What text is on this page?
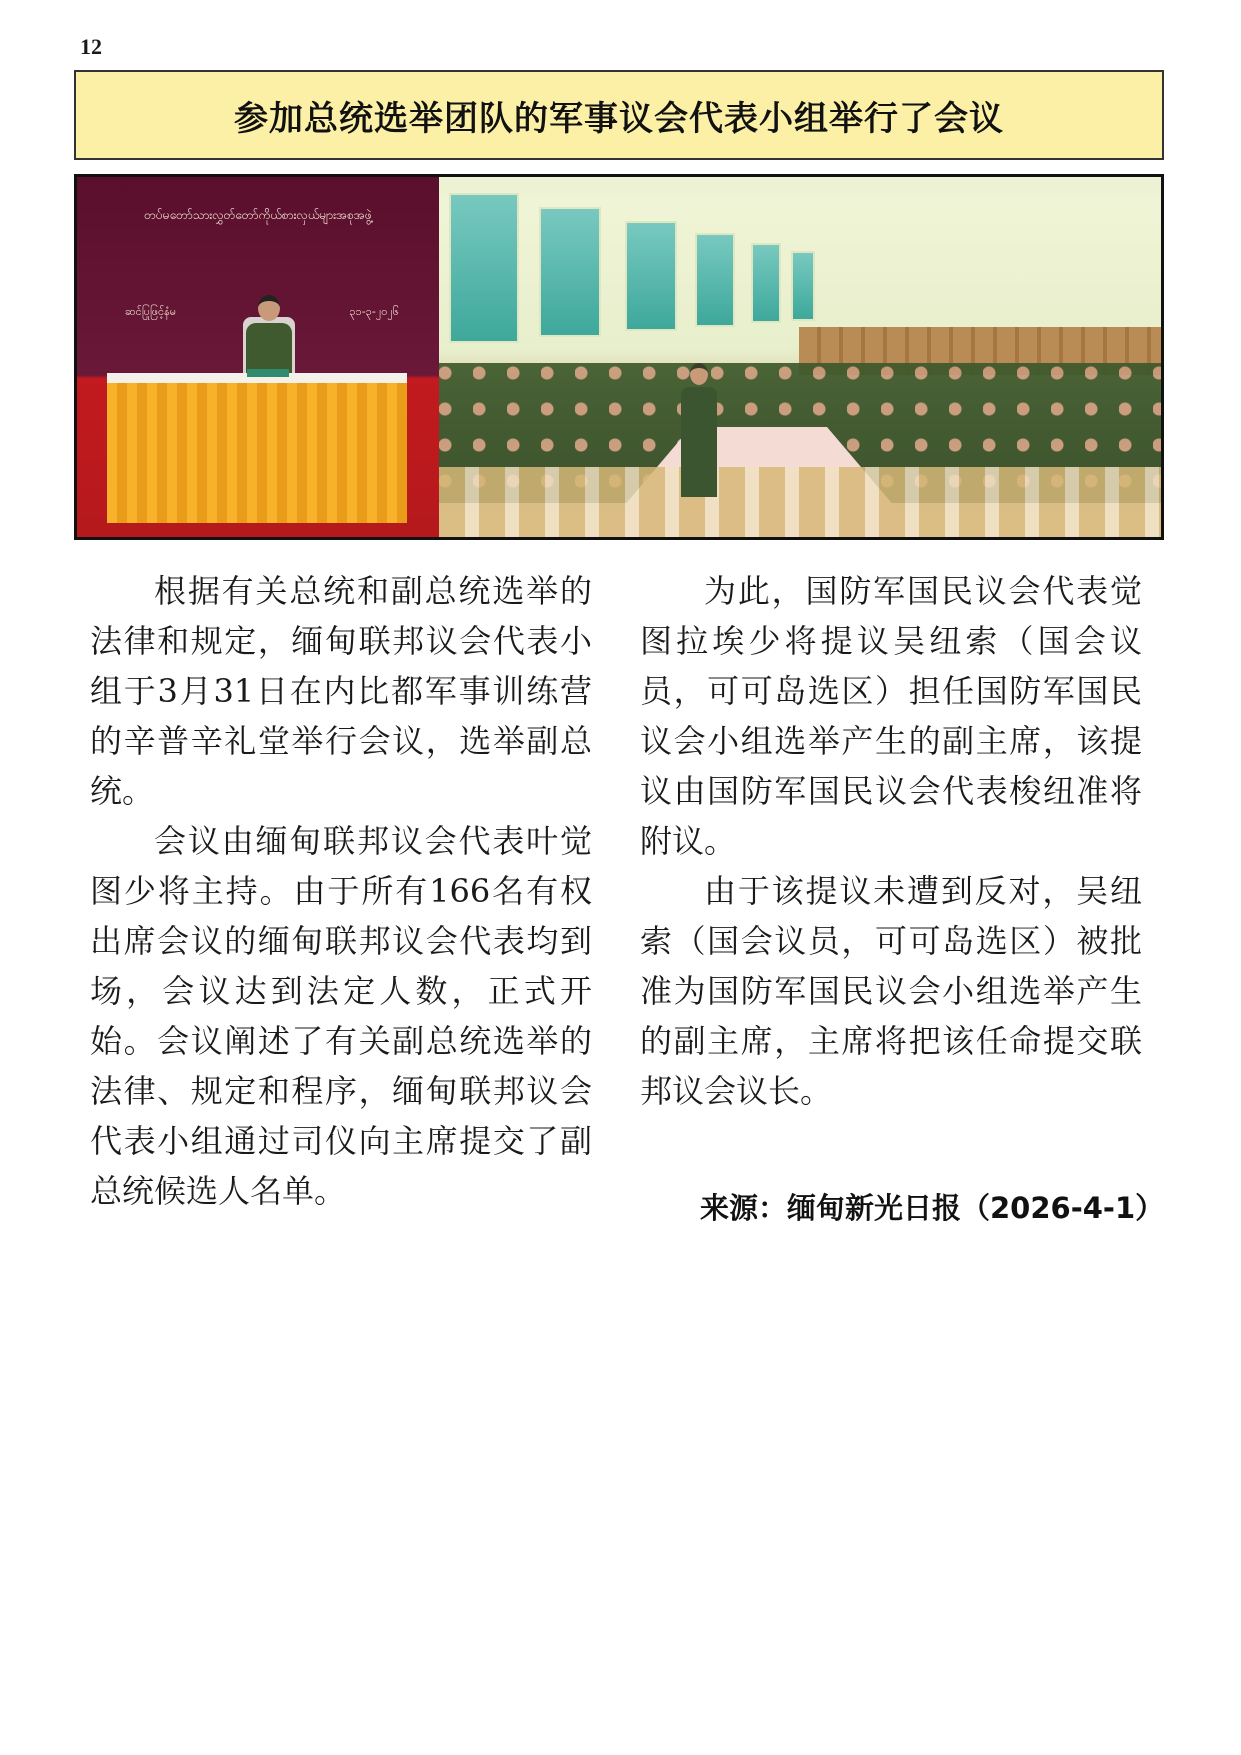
12
参加总统选举团队的军事议会代表小组举行了会议
တပ်မတော်သားလွှတ်တော်ကိုယ်စားလှယ်များအစုအဖွဲ့
ဆင်ပြုဖြင့်နံမ	၃၁-၃-၂၀၂၆

根据有关总统和副总统选举的法律和规定，缅甸联邦议会代表小组于3月31日在内比都军事训练营的辛普辛礼堂举行会议，选举副总统。

会议由缅甸联邦议会代表叶觉图少将主持。由于所有166名有权出席会议的缅甸联邦议会代表均到场，会议达到法定人数，正式开始。会议阐述了有关副总统选举的法律、规定和程序，缅甸联邦议会代表小组通过司仪向主席提交了副总统候选人名单。

为此，国防军国民议会代表觉图拉埃少将提议吴纽索（国会议员，可可岛选区）担任国防军国民议会小组选举产生的副主席，该提议由国防军国民议会代表梭纽准将附议。

由于该提议未遭到反对，吴纽索（国会议员，可可岛选区）被批准为国防军国民议会小组选举产生的副主席，主席将把该任命提交联邦议会议长。

来源：缅甸新光日报（2026-4-1）
